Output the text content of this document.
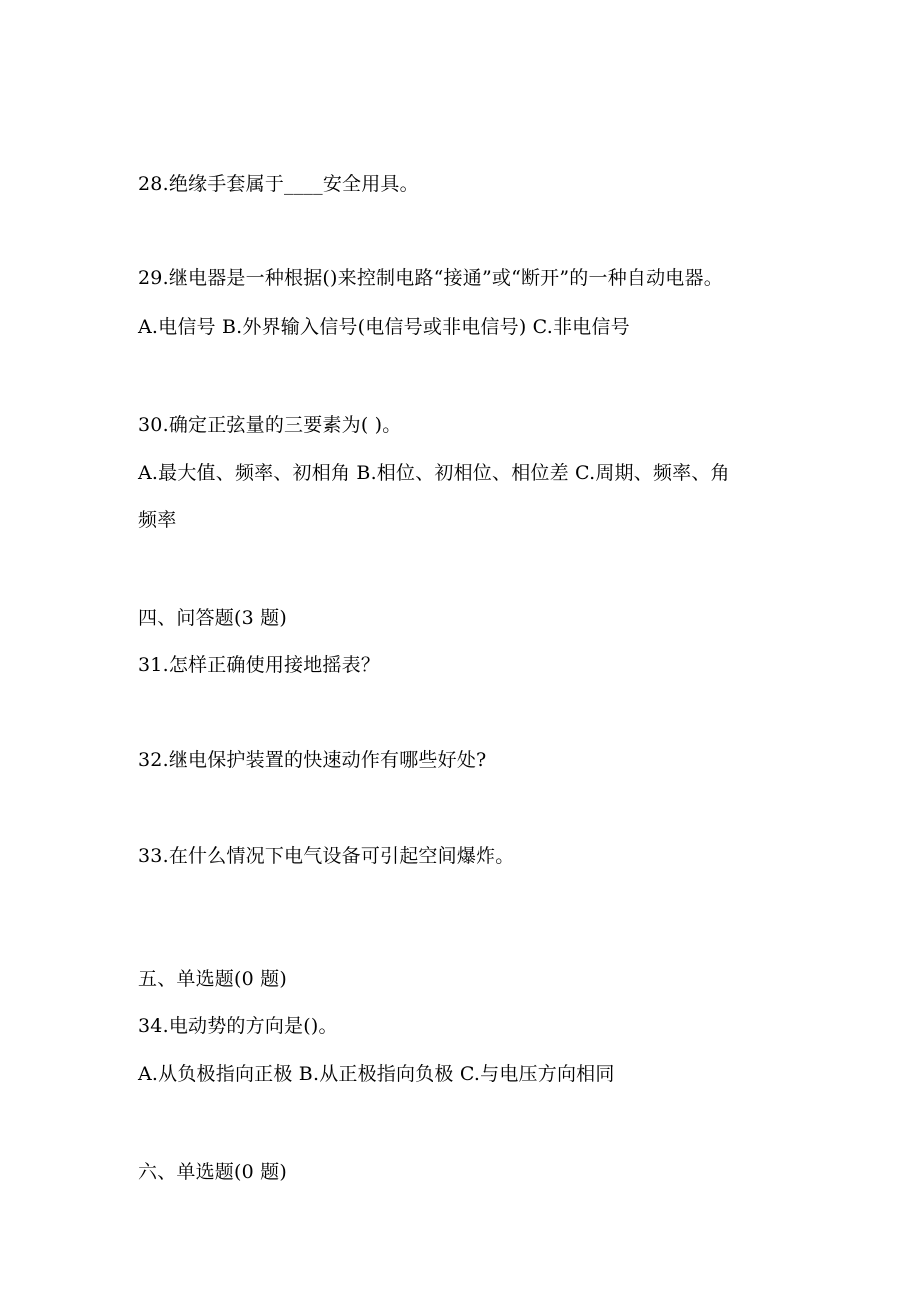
28.绝缘手套属于____安全用具。
29.继电器是一种根据()来控制电路“接通”或“断开”的一种自动电器。
A.电信号 B.外界输入信号(电信号或非电信号) C.非电信号
30.确定正弦量的三要素为( )。
A.最大值、频率、初相角 B.相位、初相位、相位差 C.周期、频率、角
频率
四、问答题(3 题)
31.怎样正确使用接地摇表？
32.继电保护装置的快速动作有哪些好处?
33.在什么情况下电气设备可引起空间爆炸。
五、单选题(0 题)
34.电动势的方向是()。
A.从负极指向正极 B.从正极指向负极 C.与电压方向相同
六、单选题(0 题)
